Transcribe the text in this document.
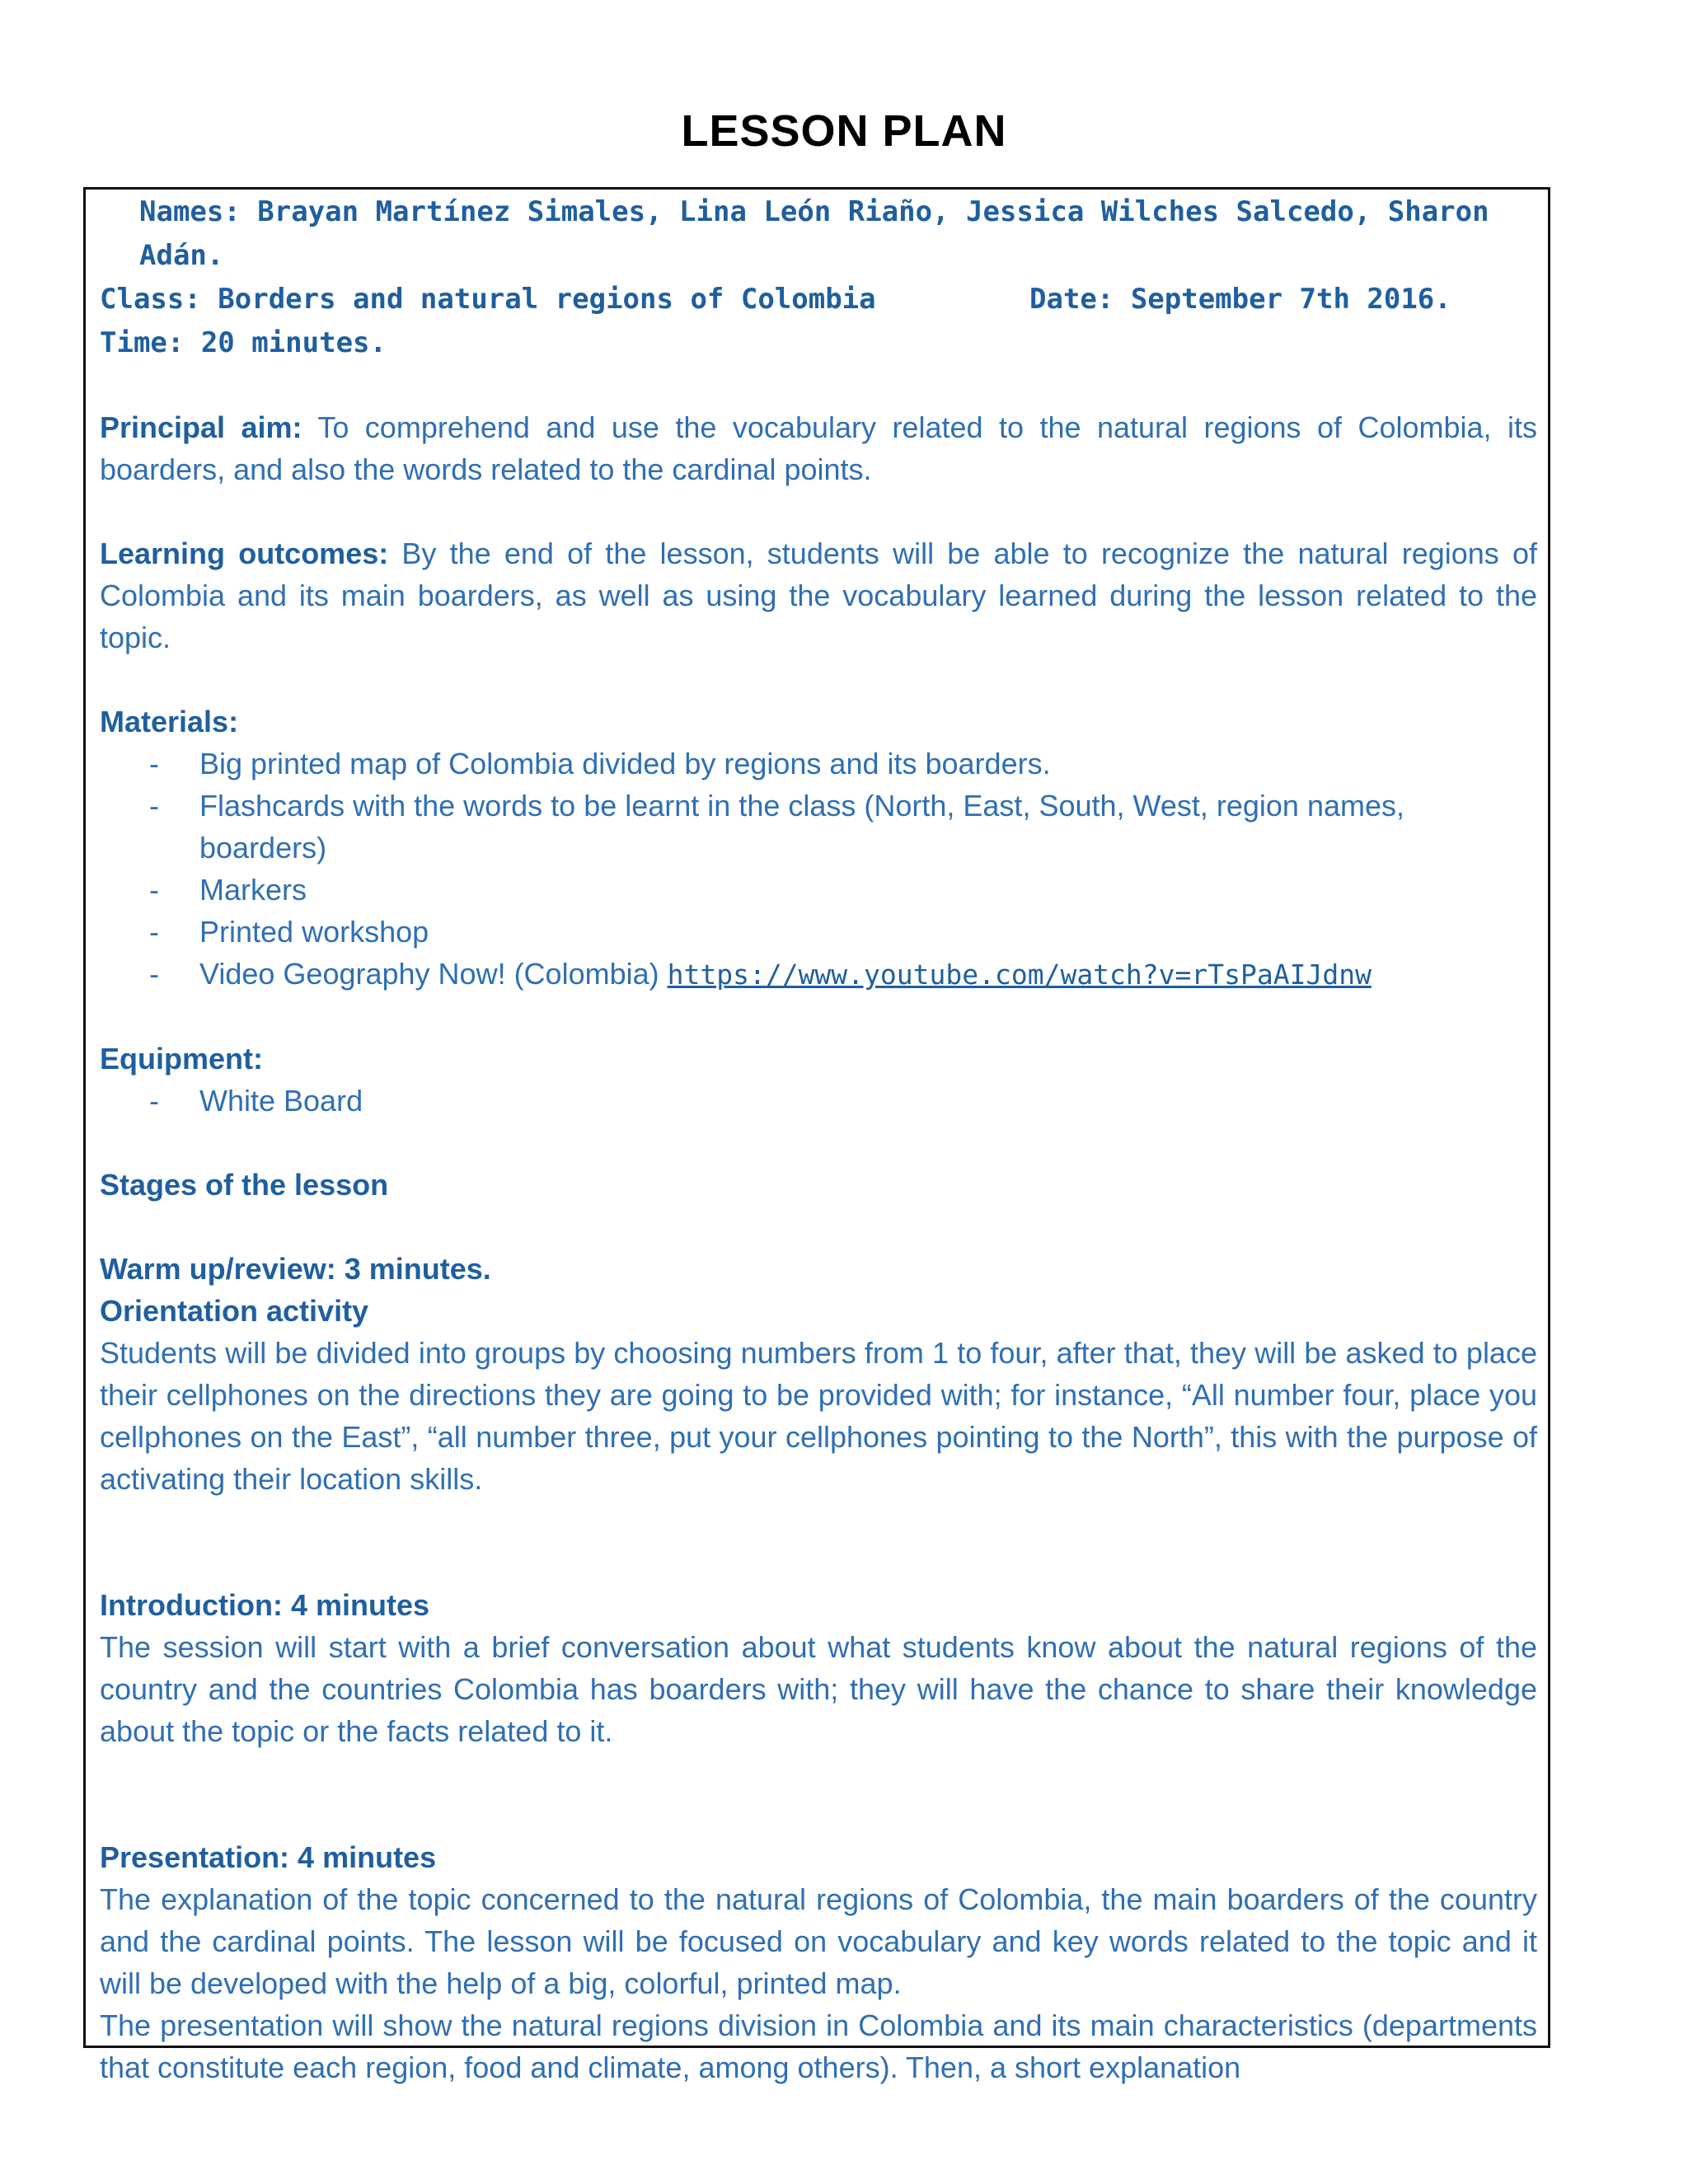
LESSON PLAN

Names: Brayan Martínez Simales, Lina León Riaño, Jessica Wilches Salcedo, Sharon Adán.

Class: Borders and natural regions of Colombia	Date: September 7th 2016.

Time: 20 minutes.

Principal aim: To comprehend and use the vocabulary related to the natural regions of Colombia, its boarders, and also the words related to the cardinal points.

Learning outcomes: By the end of the lesson, students will be able to recognize the natural regions of Colombia and its main boarders, as well as using the vocabulary learned during the lesson related to the topic.

Materials:

- Big printed map of Colombia divided by regions and its boarders.
- Flashcards with the words to be learnt in the class (North, East, South, West, region names, boarders)
- Markers
- Printed workshop
- Video Geography Now! (Colombia) https://www.youtube.com/watch?v=rTsPaAIJdnw

Equipment:

- White Board

Stages of the lesson

Warm up/review: 3 minutes.

Orientation activity

Students will be divided into groups by choosing numbers from 1 to four, after that, they will be asked to place their cellphones on the directions they are going to be provided with; for instance, “All number four, place you cellphones on the East”, “all number three, put your cellphones pointing to the North”, this with the purpose of activating their location skills.

Introduction: 4 minutes

The session will start with a brief conversation about what students know about the natural regions of the country and the countries Colombia has boarders with; they will have the chance to share their knowledge about the topic or the facts related to it.

Presentation: 4 minutes

The explanation of the topic concerned to the natural regions of Colombia, the main boarders of the country and the cardinal points. The lesson will be focused on vocabulary and key words related to the topic and it will be developed with the help of a big, colorful, printed map.

The presentation will show the natural regions division in Colombia and its main characteristics (departments that constitute each region, food and climate, among others). Then, a short explanation
